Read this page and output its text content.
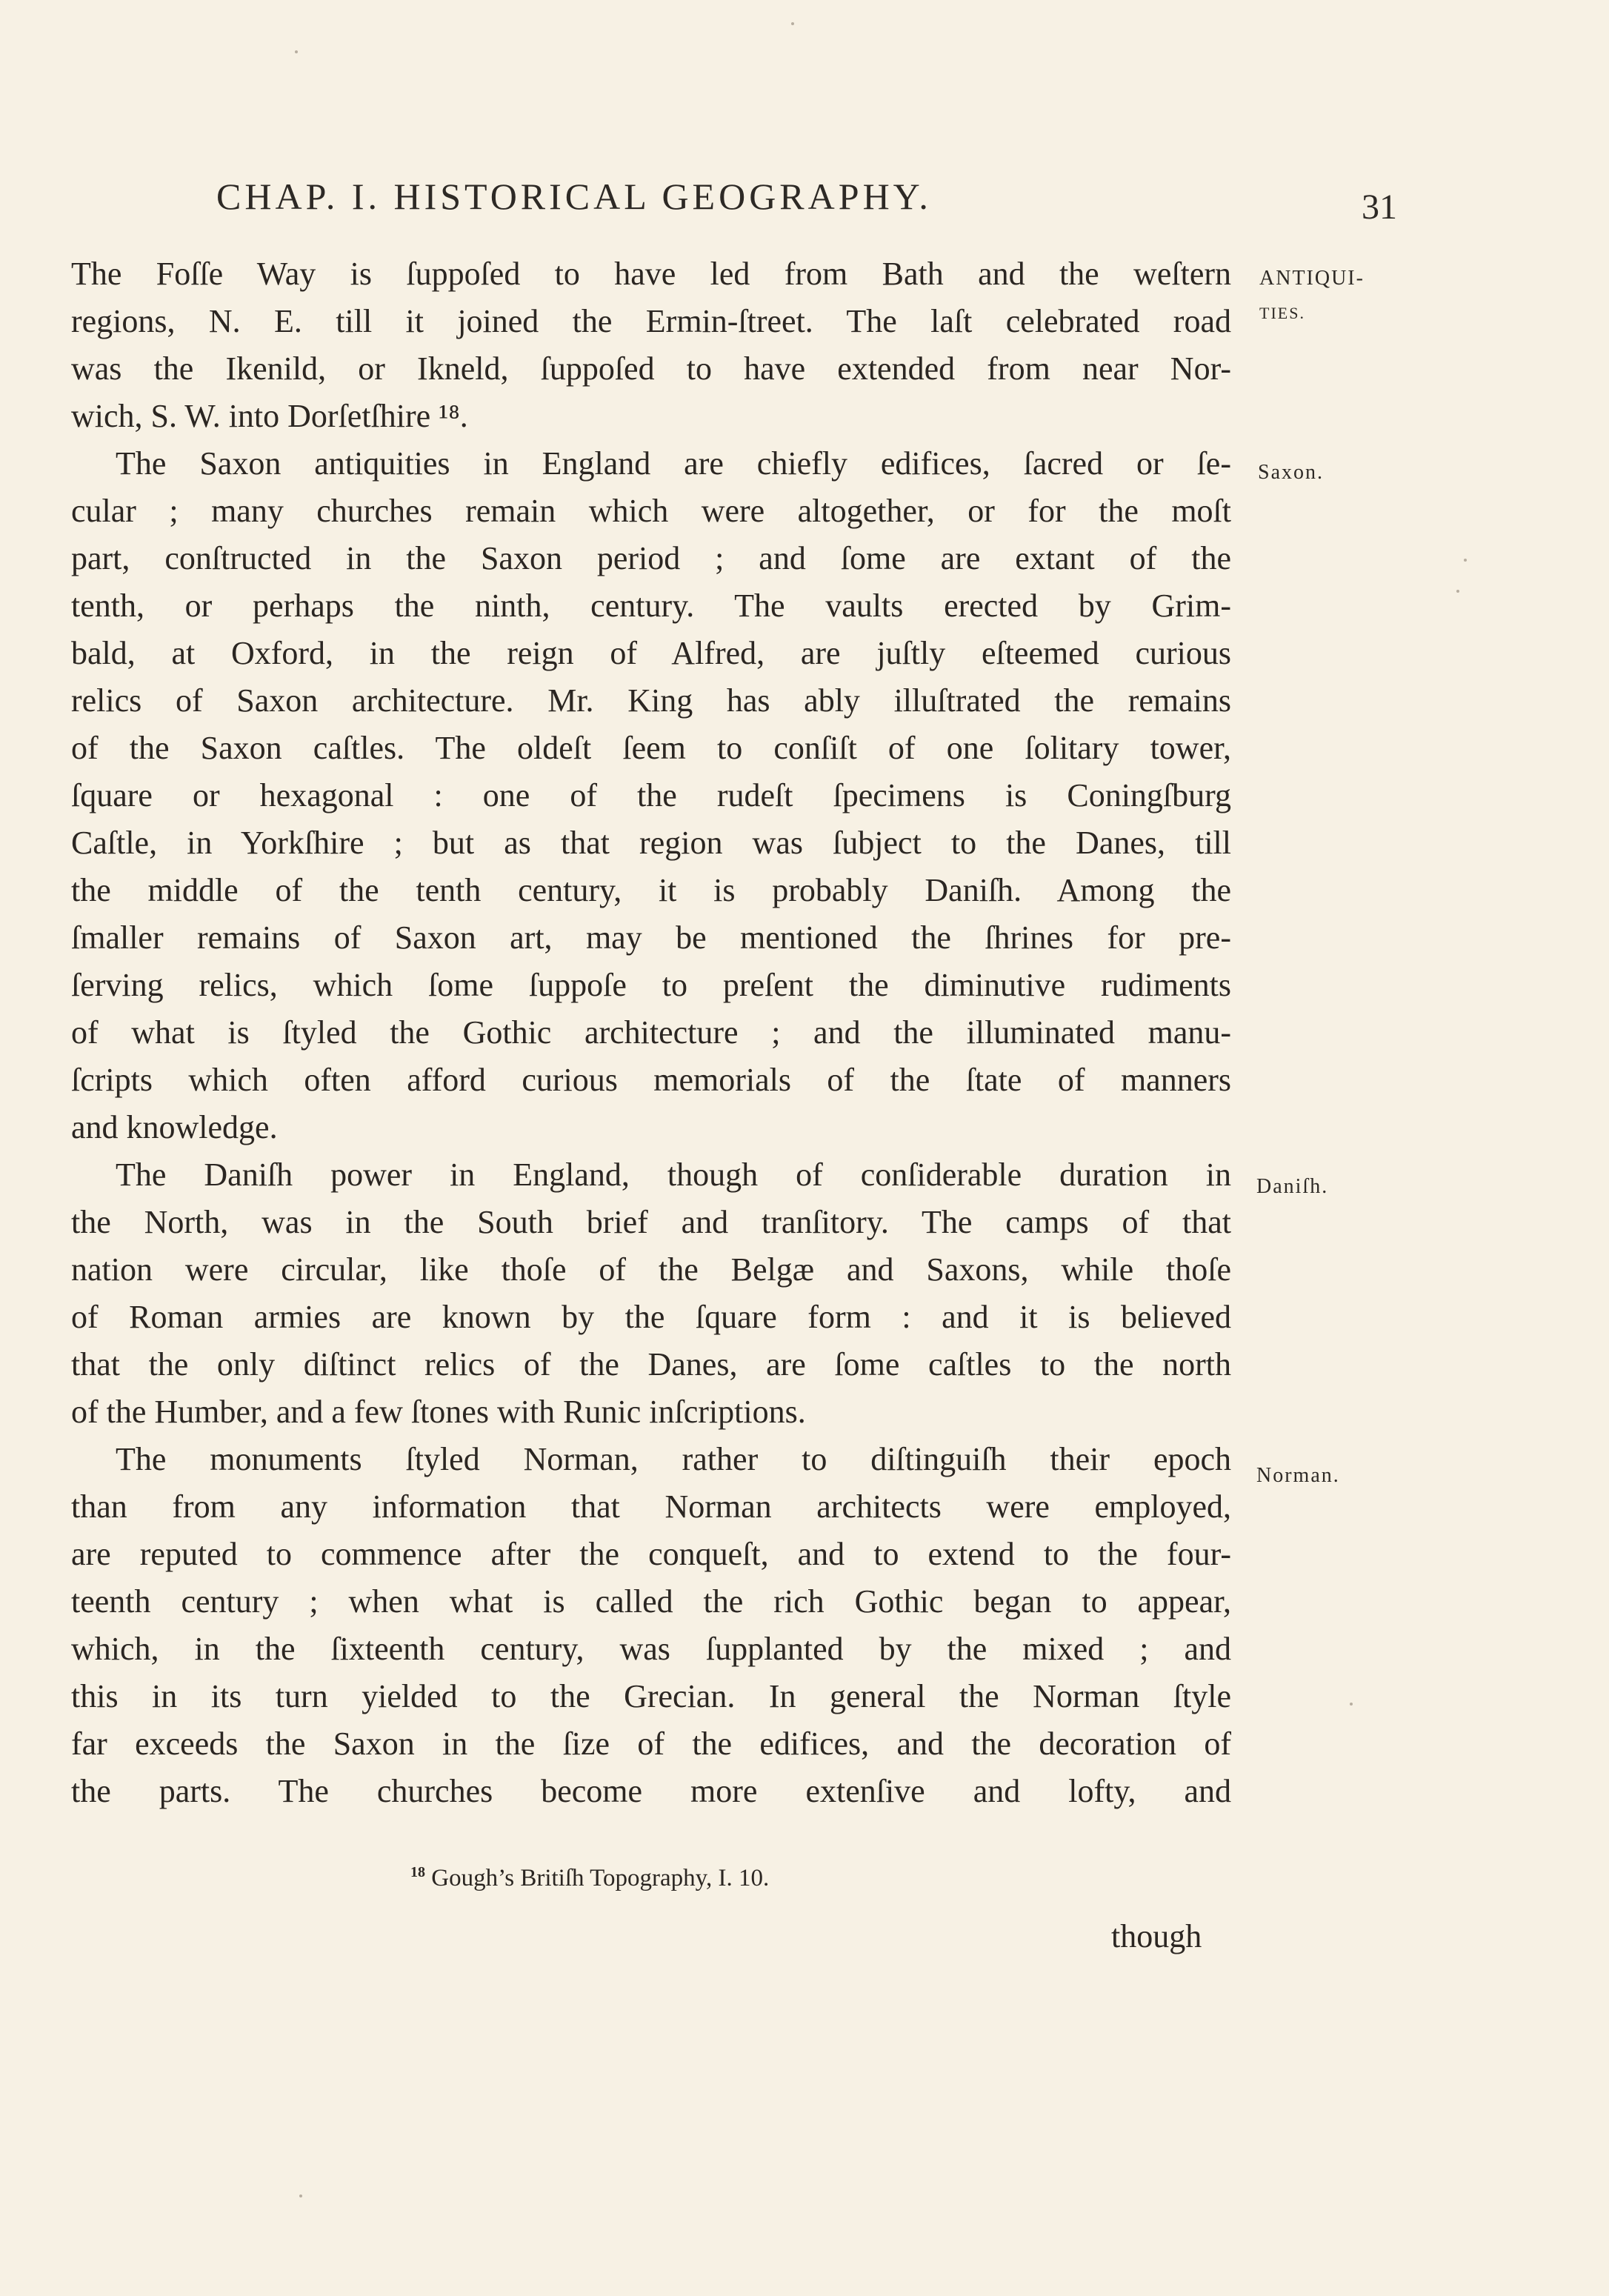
CHAP. I. HISTORICAL GEOGRAPHY.	31
The Foſſe Way is ſuppoſed to have led from Bath and the weſtern
regions, N. E. till it joined the Ermin-ſtreet. The laſt celebrated road
was the Ikenild, or Ikneld, ſuppoſed to have extended from near Nor-
wich, S. W. into Dorſetſhire ¹⁸.
The Saxon antiquities in England are chiefly edifices, ſacred or ſe-
cular ; many churches remain which were altogether, or for the moſt
part, conſtructed in the Saxon period ; and ſome are extant of the
tenth, or perhaps the ninth, century. The vaults erected by Grim-
bald, at Oxford, in the reign of Alfred, are juſtly eſteemed curious
relics of Saxon architecture. Mr. King has ably illuſtrated the remains
of the Saxon caſtles. The oldeſt ſeem to conſiſt of one ſolitary tower,
ſquare or hexagonal : one of the rudeſt ſpecimens is Coningſburg
Caſtle, in Yorkſhire ; but as that region was ſubject to the Danes, till
the middle of the tenth century, it is probably Daniſh. Among the
ſmaller remains of Saxon art, may be mentioned the ſhrines for pre-
ſerving relics, which ſome ſuppoſe to preſent the diminutive rudiments
of what is ſtyled the Gothic architecture ; and the illuminated manu-
ſcripts which often afford curious memorials of the ſtate of manners
and knowledge.
The Daniſh power in England, though of conſiderable duration in
the North, was in the South brief and tranſitory. The camps of that
nation were circular, like thoſe of the Belgæ and Saxons, while thoſe
of Roman armies are known by the ſquare form : and it is believed
that the only diſtinct relics of the Danes, are ſome caſtles to the north
of the Humber, and a few ſtones with Runic inſcriptions.
The monuments ſtyled Norman, rather to diſtinguiſh their epoch
than from any information that Norman architects were employed,
are reputed to commence after the conqueſt, and to extend to the four-
teenth century ; when what is called the rich Gothic began to appear,
which, in the ſixteenth century, was ſupplanted by the mixed ; and
this in its turn yielded to the Grecian. In general the Norman ſtyle
far exceeds the Saxon in the ſize of the edifices, and the decoration of
the parts. The churches become more extenſive and lofty, and
ANTIQUI-
TIES.
Saxon.
Daniſh.
Norman.
$^{18}$ Gough’s Britiſh Topography, I. 10.
though
